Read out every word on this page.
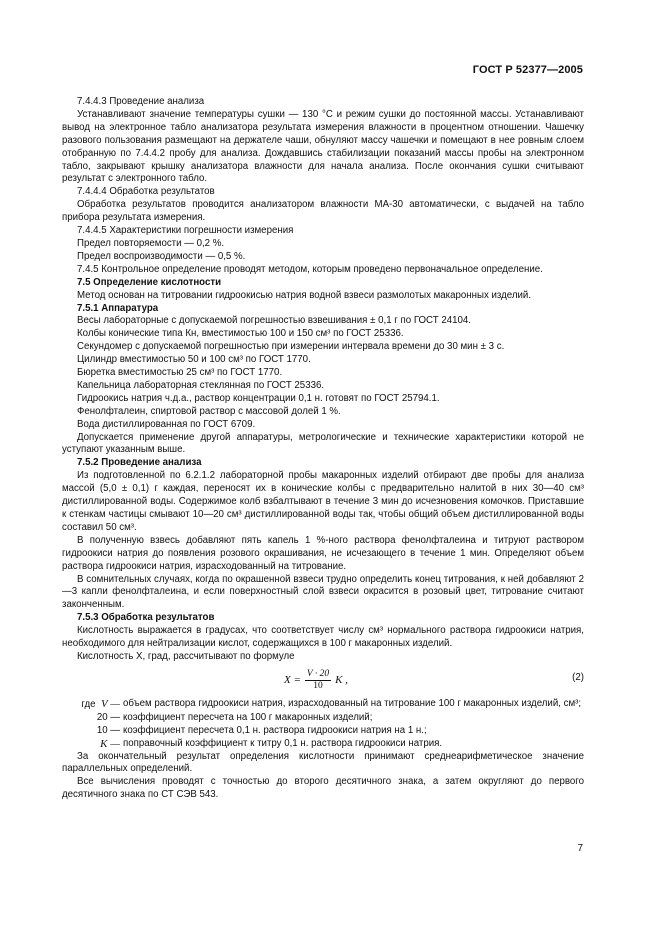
ГОСТ Р 52377—2005

7.4.4.3 Проведение анализа

Устанавливают значение температуры сушки — 130 °С и режим сушки до постоянной массы. Устанавливают вывод на электронное табло анализатора результата измерения влажности в процентном отношении. Чашечку разового пользования размещают на держателе чаши, обнуляют массу чашечки и помещают в нее ровным слоем отобранную по 7.4.4.2 пробу для анализа. Дождавшись стабилизации показаний массы пробы на электронном табло, закрывают крышку анализатора влажности для начала анализа. После окончания сушки считывают результат с электронного табло.

7.4.4.4 Обработка результатов

Обработка результатов проводится анализатором влажности МА-30 автоматически, с выдачей на табло прибора результата измерения.

7.4.4.5 Характеристики погрешности измерения

Предел повторяемости — 0,2 %.

Предел воспроизводимости — 0,5 %.

7.4.5 Контрольное определение проводят методом, которым проведено первоначальное определение.

7.5 Определение кислотности

Метод основан на титровании гидроокисью натрия водной взвеси размолотых макаронных изделий.

7.5.1 Аппаратура

Весы лабораторные с допускаемой погрешностью взвешивания ± 0,1 г по ГОСТ 24104.

Колбы конические типа Кн, вместимостью 100 и 150 см³ по ГОСТ 25336.

Секундомер с допускаемой погрешностью при измерении интервала времени до 30 мин ± 3 с.

Цилиндр вместимостью 50 и 100 см³ по ГОСТ 1770.

Бюретка вместимостью 25 см³ по ГОСТ 1770.

Капельница лабораторная стеклянная по ГОСТ 25336.

Гидроокись натрия ч.д.а., раствор концентрации 0,1 н. готовят по ГОСТ 25794.1.

Фенолфталеин, спиртовой раствор с массовой долей 1 %.

Вода дистиллированная по ГОСТ 6709.

Допускается применение другой аппаратуры, метрологические и технические характеристики которой не уступают указанным выше.

7.5.2 Проведение анализа

Из подготовленной по 6.2.1.2 лабораторной пробы макаронных изделий отбирают две пробы для анализа массой (5,0 ± 0,1) г каждая, переносят их в конические колбы с предварительно налитой в них 30—40 см³ дистиллированной воды. Содержимое колб взбалтывают в течение 3 мин до исчезновения комочков. Приставшие к стенкам частицы смывают 10—20 см³ дистиллированной воды так, чтобы общий объем дистиллированной воды составил 50 см³.

В полученную взвесь добавляют пять капель 1 %-ного раствора фенолфталеина и титруют раствором гидроокиси натрия до появления розового окрашивания, не исчезающего в течение 1 мин. Определяют объем раствора гидроокиси натрия, израсходованный на титрование.

В сомнительных случаях, когда по окрашенной взвеси трудно определить конец титрования, к ней добавляют 2—3 капли фенолфталеина, и если поверхностный слой взвеси окрасится в розовый цвет, титрование считают законченным.

7.5.3 Обработка результатов

Кислотность выражается в градусах, что соответствует числу см³ нормального раствора гидроокиси натрия, необходимого для нейтрализации кислот, содержащихся в 100 г макаронных изделий.

Кислотность X, град, рассчитывают по формуле

$X = \frac{V \cdot 20}{10}$ K ,	(2)
где V — объем раствора гидроокиси натрия, израсходованный на титрование 100 г макаронных изделий, см³;
20 — коэффициент пересчета на 100 г макаронных изделий;
10 — коэффициент пересчета 0,1 н. раствора гидроокиси натрия на 1 н.;
K — поправочный коэффициент к титру 0,1 н. раствора гидроокиси натрия.

За окончательный результат определения кислотности принимают среднеарифметическое значение параллельных определений.

Все вычисления проводят с точностью до второго десятичного знака, а затем округляют до первого десятичного знака по СТ СЭВ 543.

7
